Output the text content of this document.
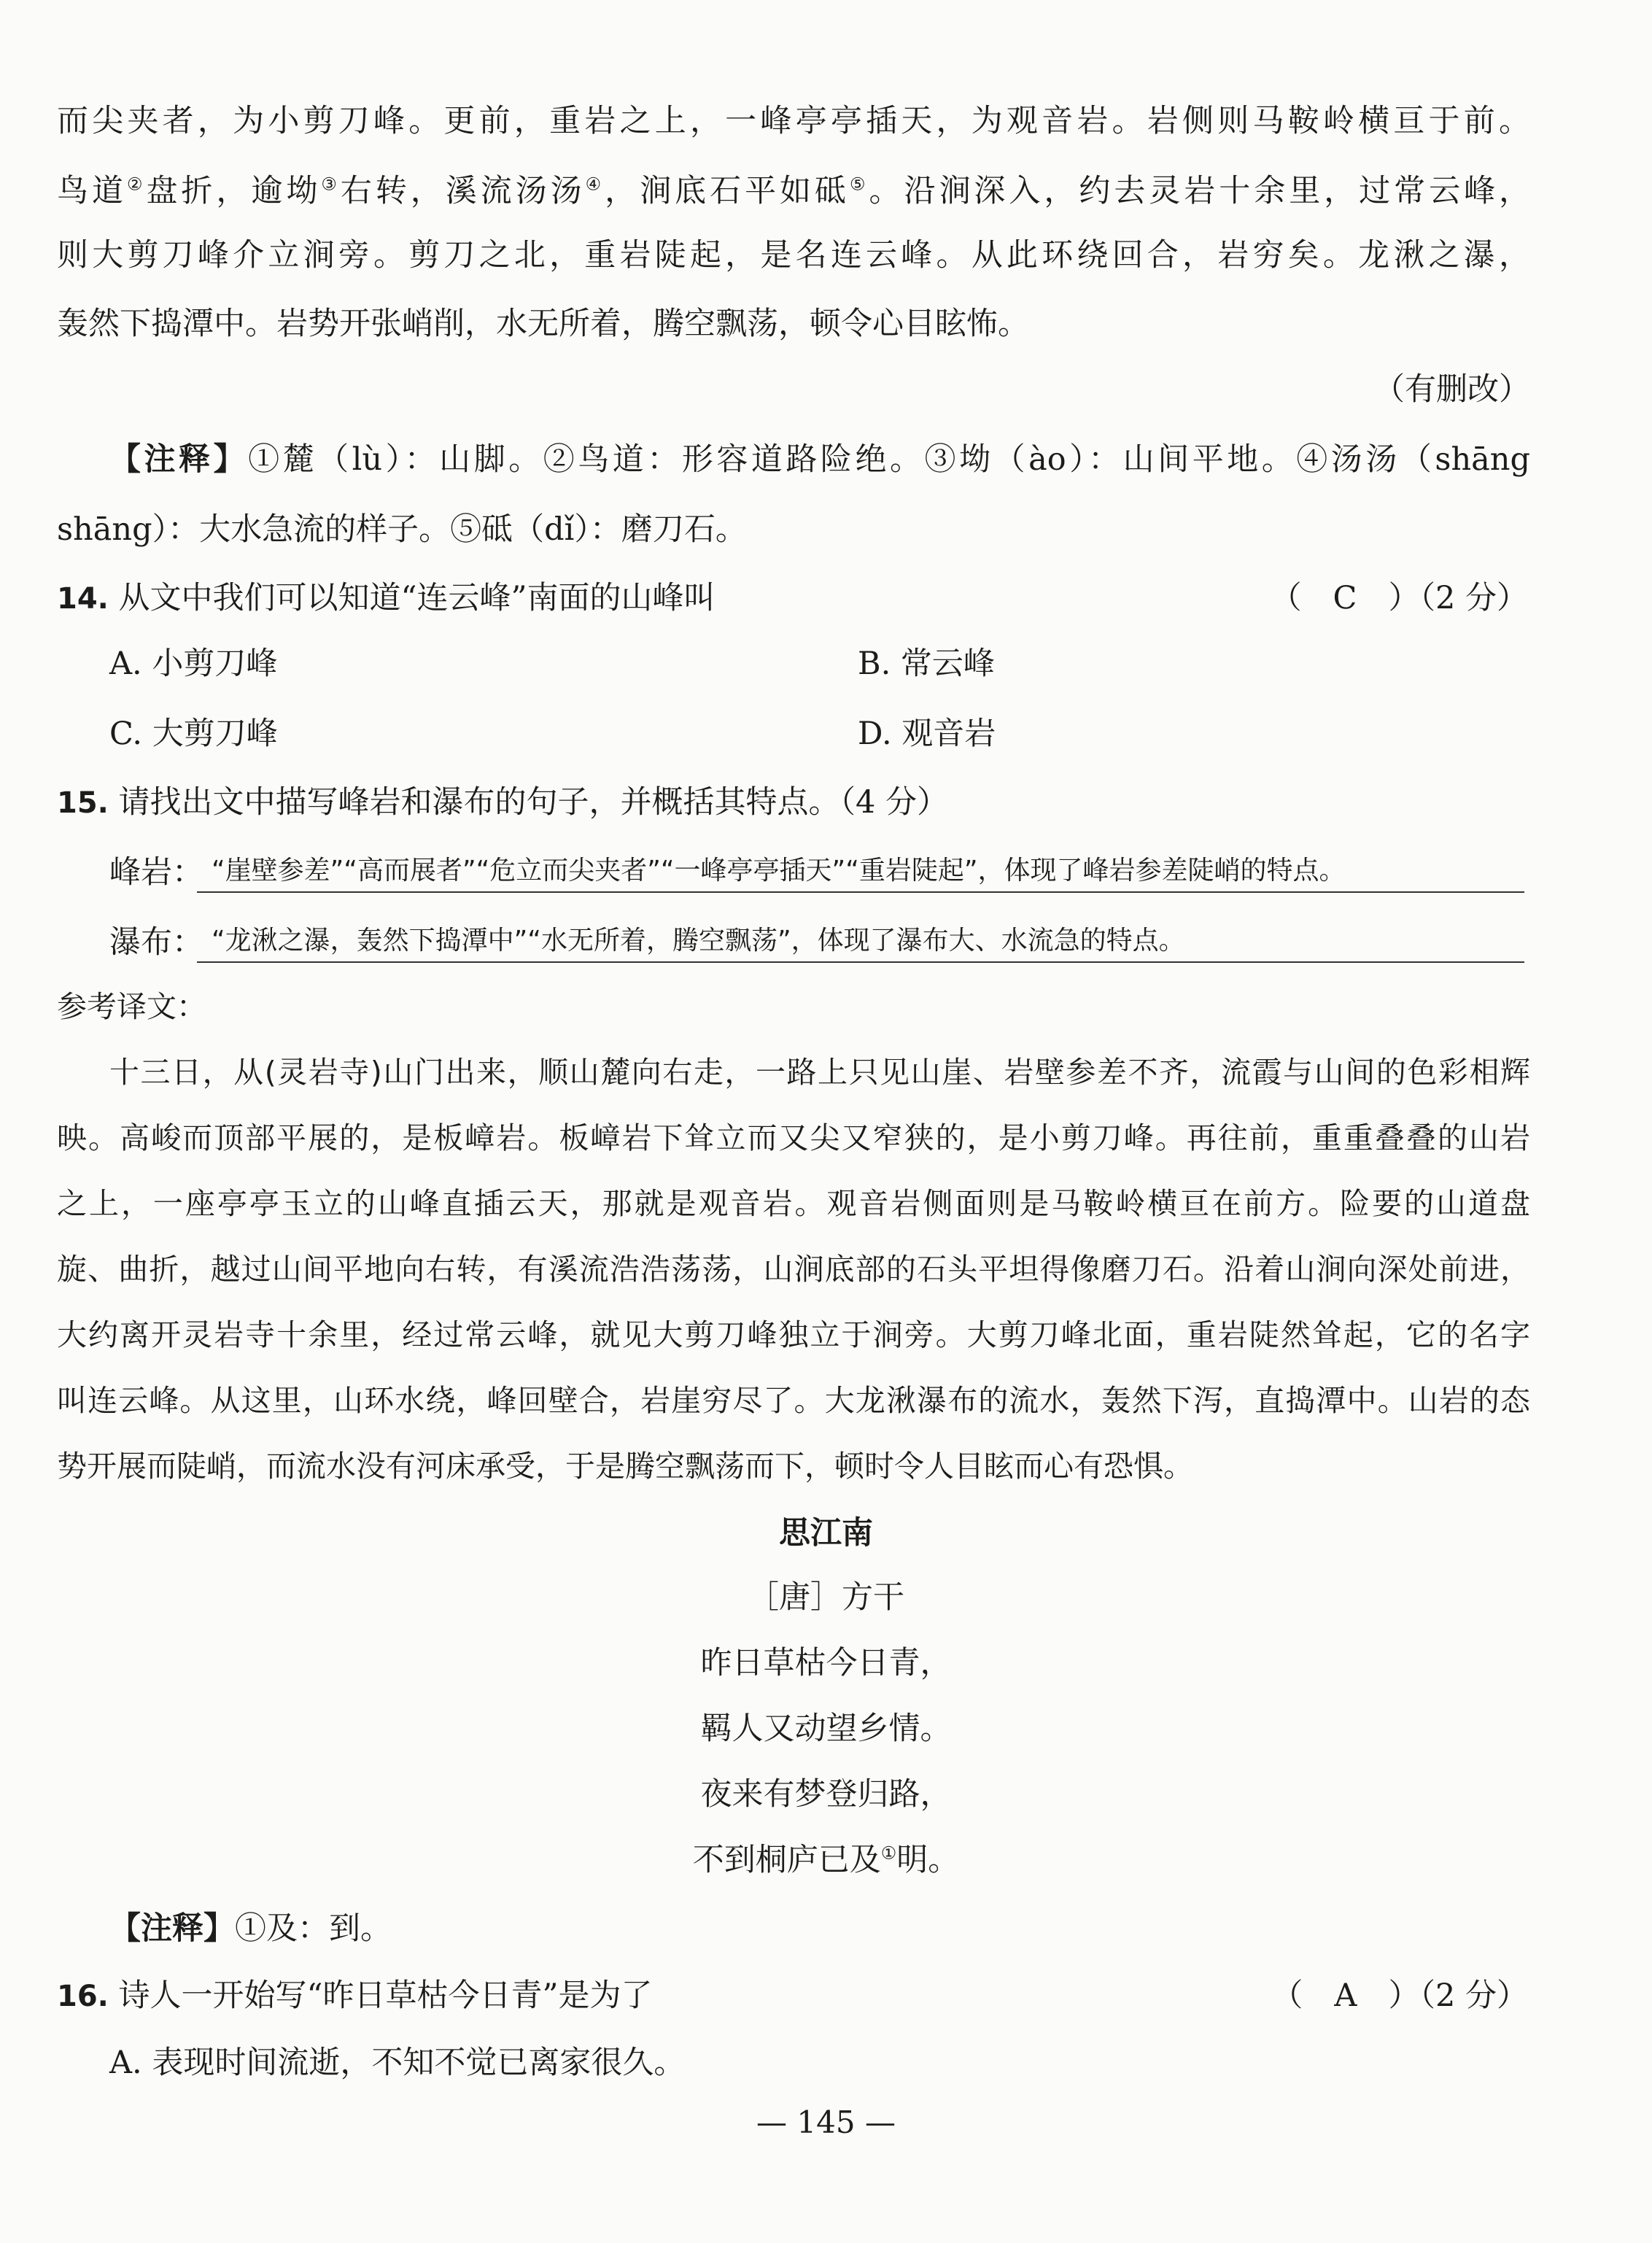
而尖夹者，为小剪刀峰。更前，重岩之上，一峰亭亭插天，为观音岩。岩侧则马鞍岭横亘于前。
鸟道②盘折，逾坳③右转，溪流汤汤④，涧底石平如砥⑤。沿涧深入，约去灵岩十余里，过常云峰，
则大剪刀峰介立涧旁。剪刀之北，重岩陡起，是名连云峰。从此环绕回合，岩穷矣。龙湫之瀑，
轰然下捣潭中。岩势开张峭削，水无所着，腾空飘荡，顿令心目眩怖。
（有删改）
【注释】①麓（lù）：山脚。②鸟道：形容道路险绝。③坳（ào）：山间平地。④汤汤（shāng
shāng）：大水急流的样子。⑤砥（dǐ）：磨刀石。
14. 从文中我们可以知道“连云峰”南面的山峰叫	（　C　）（2 分）
A. 小剪刀峰	B. 常云峰
C. 大剪刀峰	D. 观音岩
15. 请找出文中描写峰岩和瀑布的句子，并概括其特点。（4 分）
峰岩： “崖壁参差”“高而展者”“危立而尖夹者”“一峰亭亭插天”“重岩陡起”，体现了峰岩参差陡峭的特点。
瀑布： “龙湫之瀑，轰然下捣潭中”“水无所着，腾空飘荡”，体现了瀑布大、水流急的特点。
参考译文：
十三日，从(灵岩寺)山门出来，顺山麓向右走，一路上只见山崖、岩壁参差不齐，流霞与山间的色彩相辉
映。高峻而顶部平展的，是板嶂岩。板嶂岩下耸立而又尖又窄狭的，是小剪刀峰。再往前，重重叠叠的山岩
之上，一座亭亭玉立的山峰直插云天，那就是观音岩。观音岩侧面则是马鞍岭横亘在前方。险要的山道盘
旋、曲折，越过山间平地向右转，有溪流浩浩荡荡，山涧底部的石头平坦得像磨刀石。沿着山涧向深处前进，
大约离开灵岩寺十余里，经过常云峰，就见大剪刀峰独立于涧旁。大剪刀峰北面，重岩陡然耸起，它的名字
叫连云峰。从这里，山环水绕，峰回壁合，岩崖穷尽了。大龙湫瀑布的流水，轰然下泻，直捣潭中。山岩的态
势开展而陡峭，而流水没有河床承受，于是腾空飘荡而下，顿时令人目眩而心有恐惧。
思江南
［唐］方干
昨日草枯今日青，
羁人又动望乡情。
夜来有梦登归路，
不到桐庐已及①明。
【注释】①及：到。
16. 诗人一开始写“昨日草枯今日青”是为了	（　A　）（2 分）
A. 表现时间流逝，不知不觉已离家很久。
— 145 —
